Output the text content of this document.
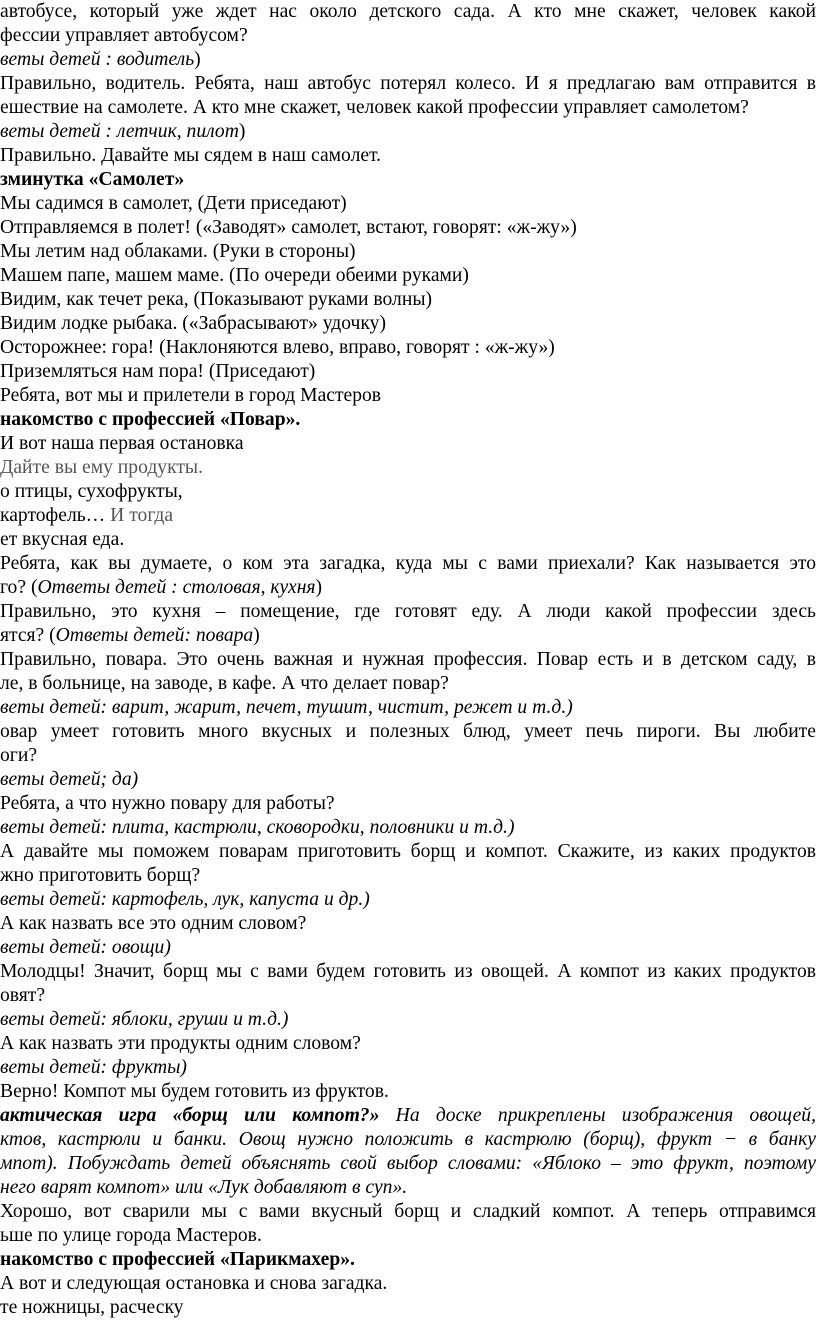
автобусе, который уже ждет нас около детского сада. А кто мне скажет, человек какой
фессии управляет автобусом?
веты детей : водитель)
Правильно, водитель. Ребята, наш автобус потерял колесо. И я предлагаю вам отправится в
ешествие на самолете. А кто мне скажет, человек какой профессии управляет самолетом?
веты детей : летчик, пилот)
Правильно. Давайте мы сядем в наш самолет.
зминутка «Самолет»
Мы садимся в самолет, (Дети приседают)
Отправляемся в полет! («Заводят» самолет, встают, говорят: «ж-жу»)
Мы летим над облаками. (Руки в стороны)
Машем папе, машем маме. (По очереди обеими руками)
Видим, как течет река, (Показывают руками волны)
Видим лодке рыбака. («Забрасывают» удочку)
Осторожнее: гора! (Наклоняются влево, вправо, говорят : «ж-жу»)
Приземляться нам пора! (Приседают)
Ребята, вот мы и прилетели в город Мастеров
накомство с профессией «Повар».
И вот наша первая остановка
Дайте вы ему продукты.
о птицы, сухофрукты,
картофель… И тогда
ет вкусная еда.
Ребята, как вы думаете, о ком эта загадка, куда мы с вами приехали? Как называется это
го? (Ответы детей : столовая, кухня)
Правильно, это кухня – помещение, где готовят еду. А люди какой профессии здесь
ятся? (Ответы детей: повара)
Правильно, повара. Это очень важная и нужная профессия. Повар есть и в детском саду, в
ле, в больнице, на заводе, в кафе. А что делает повар?
веты детей: варит, жарит, печет, тушит, чистит, режет и т.д.)
овар умеет готовить много вкусных и полезных блюд, умеет печь пироги. Вы любите
оги?
веты детей; да)
Ребята, а что нужно повару для работы?
веты детей: плита, кастрюли, сковородки, половники и т.д.)
А давайте мы поможем поварам приготовить борщ и компот. Скажите, из каких продуктов
жно приготовить борщ?
веты детей: картофель, лук, капуста и др.)
А как назвать все это одним словом?
веты детей: овощи)
Молодцы! Значит, борщ мы с вами будем готовить из овощей. А компот из каких продуктов
овят?
веты детей: яблоки, груши и т.д.)
А как назвать эти продукты одним словом?
веты детей: фрукты)
Верно! Компот мы будем готовить из фруктов.
актическая игра «борщ или компот?» На доске прикреплены изображения овощей,
ктов, кастрюли и банки. Овощ нужно положить в кастрюлю (борщ), фрукт − в банку
мпот). Побуждать детей объяснять свой выбор словами: «Яблоко – это фрукт, поэтому
него варят компот» или «Лук добавляют в суп».
Хорошо, вот сварили мы с вами вкусный борщ и сладкий компот. А теперь отправимся
ьше по улице города Мастеров.
накомство с профессией «Парикмахер».
А вот и следующая остановка и снова загадка.
те ножницы, расческу
